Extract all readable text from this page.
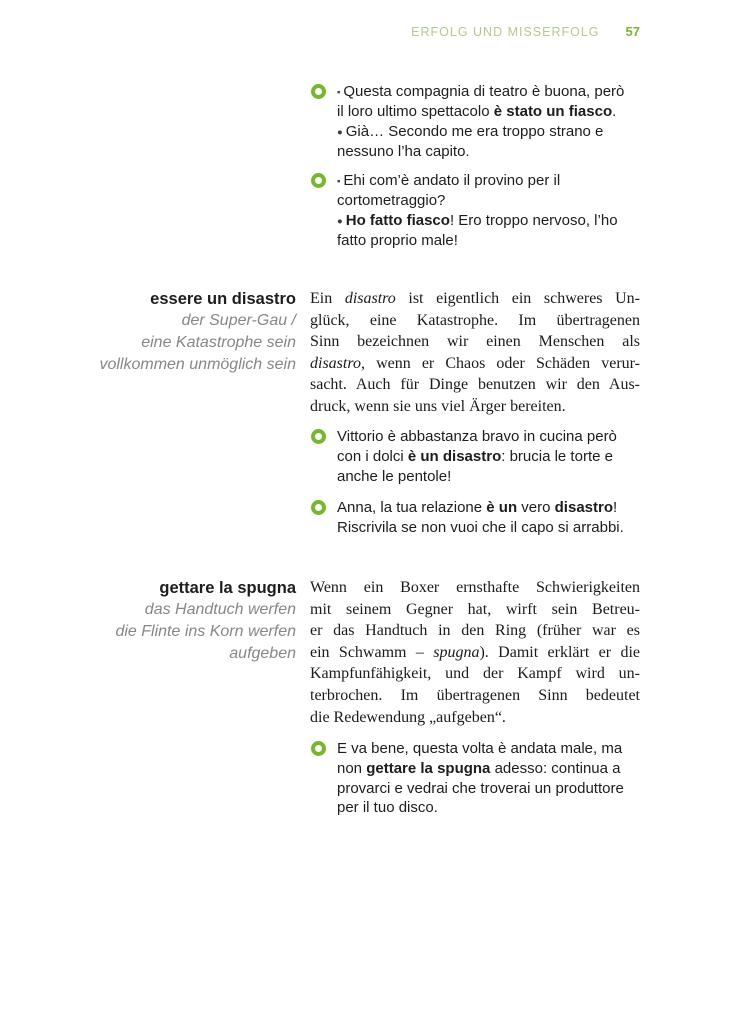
ERFOLG UND MISSERFOLG 57
▪ Questa compagnia di teatro è buona, però
il loro ultimo spettacolo è stato un fiasco.
● Già… Secondo me era troppo strano e
nessuno l’ha capito.
▪ Ehi com’è andato il provino per il
cortometraggio?
● Ho fatto fiasco! Ero troppo nervoso, l’ho
fatto proprio male!
essere un disastro
der Super-Gau /
eine Katastrophe sein
vollkommen unmöglich sein
Ein disastro ist eigentlich ein schweres Un-
glück, eine Katastrophe. Im übertragenen
Sinn bezeichnen wir einen Menschen als
disastro, wenn er Chaos oder Schäden verur-
sacht. Auch für Dinge benutzen wir den Aus-
druck, wenn sie uns viel Ärger bereiten.
Vittorio è abbastanza bravo in cucina però
con i dolci è un disastro: brucia le torte e
anche le pentole!
Anna, la tua relazione è un vero disastro!
Riscrivila se non vuoi che il capo si arrabbi.
gettare la spugna
das Handtuch werfen
die Flinte ins Korn werfen
aufgeben
Wenn ein Boxer ernsthafte Schwierigkeiten
mit seinem Gegner hat, wirft sein Betreu-
er das Handtuch in den Ring (früher war es
ein Schwamm – spugna). Damit erklärt er die
Kampfunfähigkeit, und der Kampf wird un-
terbrochen. Im übertragenen Sinn bedeutet
die Redewendung „aufgeben“.
E va bene, questa volta è andata male, ma
non gettare la spugna adesso: continua a
provarci e vedrai che troverai un produttore
per il tuo disco.
